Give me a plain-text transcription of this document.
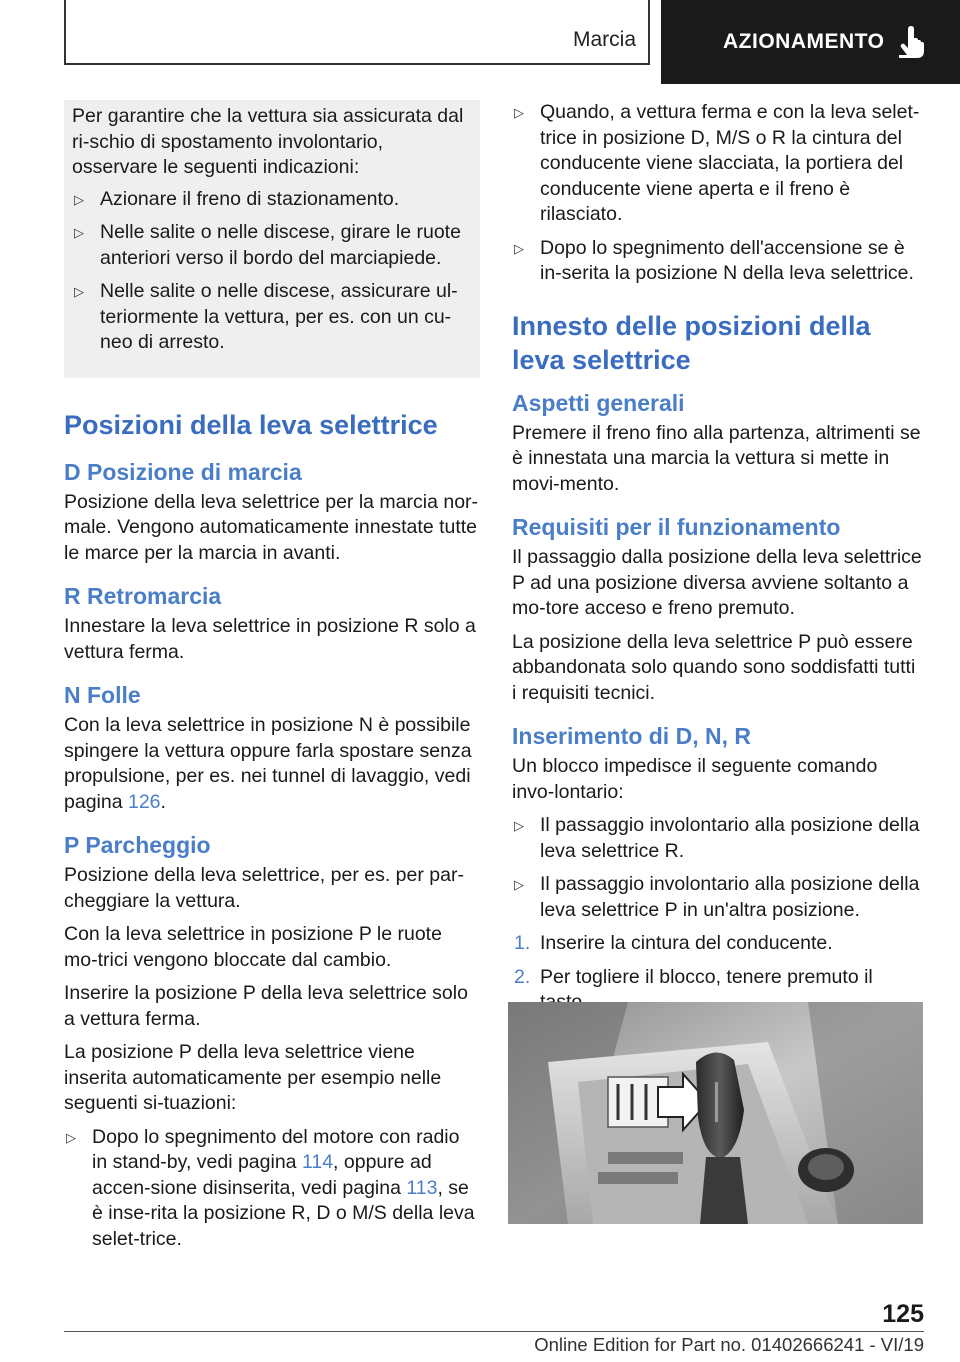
Marcia	AZIONAMENTO

Per garantire che la vettura sia assicurata dal ri-schio di spostamento involontario, osservare le seguenti indicazioni:

▷ Azionare il freno di stazionamento.
▷ Nelle salite o nelle discese, girare le ruote anteriori verso il bordo del marciapiede.
▷ Nelle salite o nelle discese, assicurare ul-teriormente la vettura, per es. con un cu-neo di arresto.
Posizioni della leva selettrice
D Posizione di marcia

Posizione della leva selettrice per la marcia nor-male. Vengono automaticamente innestate tutte le marce per la marcia in avanti.

R Retromarcia

Innestare la leva selettrice in posizione R solo a vettura ferma.

N Folle

Con la leva selettrice in posizione N è possibile spingere la vettura oppure farla spostare senza propulsione, per es. nei tunnel di lavaggio, vedi pagina 126.

P Parcheggio

Posizione della leva selettrice, per es. per par-cheggiare la vettura.

Con la leva selettrice in posizione P le ruote mo-trici vengono bloccate dal cambio.

Inserire la posizione P della leva selettrice solo a vettura ferma.

La posizione P della leva selettrice viene inserita automaticamente per esempio nelle seguenti si-tuazioni:

▷ Dopo lo spegnimento del motore con radio in stand-by, vedi pagina 114, oppure ad accen-sione disinserita, vedi pagina 113, se è inse-rita la posizione R, D o M/S della leva selet-trice.
▷ Quando, a vettura ferma e con la leva selet-trice in posizione D, M/S o R la cintura del conducente viene slacciata, la portiera del conducente viene aperta e il freno è rilasciato.
▷ Dopo lo spegnimento dell'accensione se è in-serita la posizione N della leva selettrice.
Innesto delle posizioni della leva selettrice
Aspetti generali

Premere il freno fino alla partenza, altrimenti se è innestata una marcia la vettura si mette in movi-mento.

Requisiti per il funzionamento

Il passaggio dalla posizione della leva selettrice P ad una posizione diversa avviene soltanto a mo-tore acceso e freno premuto.

La posizione della leva selettrice P può essere abbandonata solo quando sono soddisfatti tutti i requisiti tecnici.

Inserimento di D, N, R

Un blocco impedisce il seguente comando invo-lontario:

▷ Il passaggio involontario alla posizione della leva selettrice R.
▷ Il passaggio involontario alla posizione della leva selettrice P in un'altra posizione.
1. Inserire la cintura del conducente.
2. Per togliere il blocco, tenere premuto il
125
Online Edition for Part no. 01402666241 - VI/19
